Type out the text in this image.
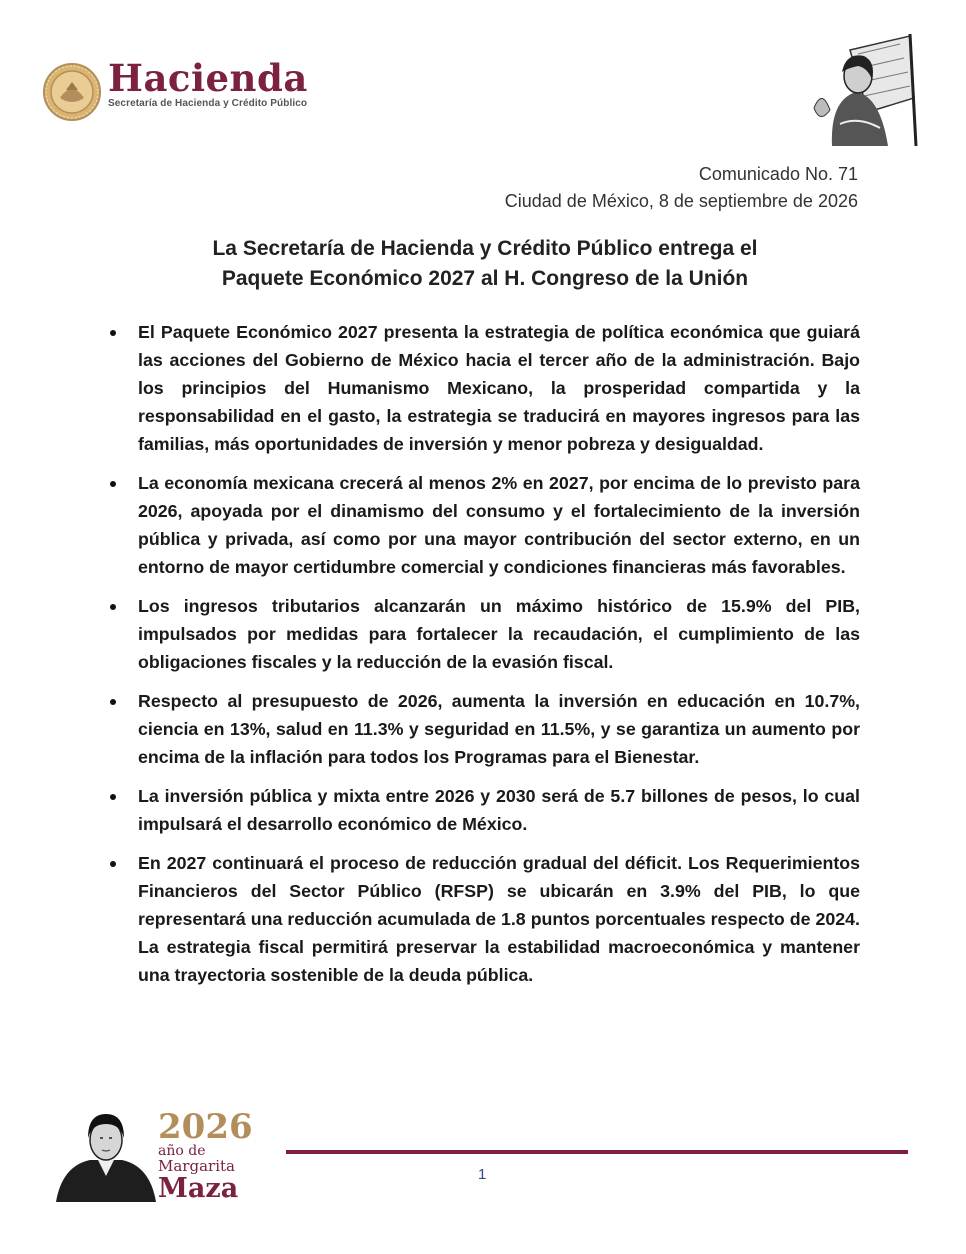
Hacienda
Secretaría de Hacienda y Crédito Público
Comunicado No. 71
Ciudad de México, 8 de septiembre de 2026
La Secretaría de Hacienda y Crédito Público entrega el
Paquete Económico 2027 al H. Congreso de la Unión
El Paquete Económico 2027 presenta la estrategia de política económica que guiará las acciones del Gobierno de México hacia el tercer año de la administración. Bajo los principios del Humanismo Mexicano, la prosperidad compartida y la responsabilidad en el gasto, la estrategia se traducirá en mayores ingresos para las familias, más oportunidades de inversión y menor pobreza y desigualdad.
La economía mexicana crecerá al menos 2% en 2027, por encima de lo previsto para 2026, apoyada por el dinamismo del consumo y el fortalecimiento de la inversión pública y privada, así como por una mayor contribución del sector externo, en un entorno de mayor certidumbre comercial y condiciones financieras más favorables.
Los ingresos tributarios alcanzarán un máximo histórico de 15.9% del PIB, impulsados por medidas para fortalecer la recaudación, el cumplimiento de las obligaciones fiscales y la reducción de la evasión fiscal.
Respecto al presupuesto de 2026, aumenta la inversión en educación en 10.7%, ciencia en 13%, salud en 11.3% y seguridad en 11.5%, y se garantiza un aumento por encima de la inflación para todos los Programas para el Bienestar.
La inversión pública y mixta entre 2026 y 2030 será de 5.7 billones de pesos, lo cual impulsará el desarrollo económico de México.
En 2027 continuará el proceso de reducción gradual del déficit. Los Requerimientos Financieros del Sector Público (RFSP) se ubicarán en 3.9% del PIB, lo que representará una reducción acumulada de 1.8 puntos porcentuales respecto de 2024. La estrategia fiscal permitirá preservar la estabilidad macroeconómica y mantener una trayectoria sostenible de la deuda pública.
2026
año de
Margarita
Maza	1
